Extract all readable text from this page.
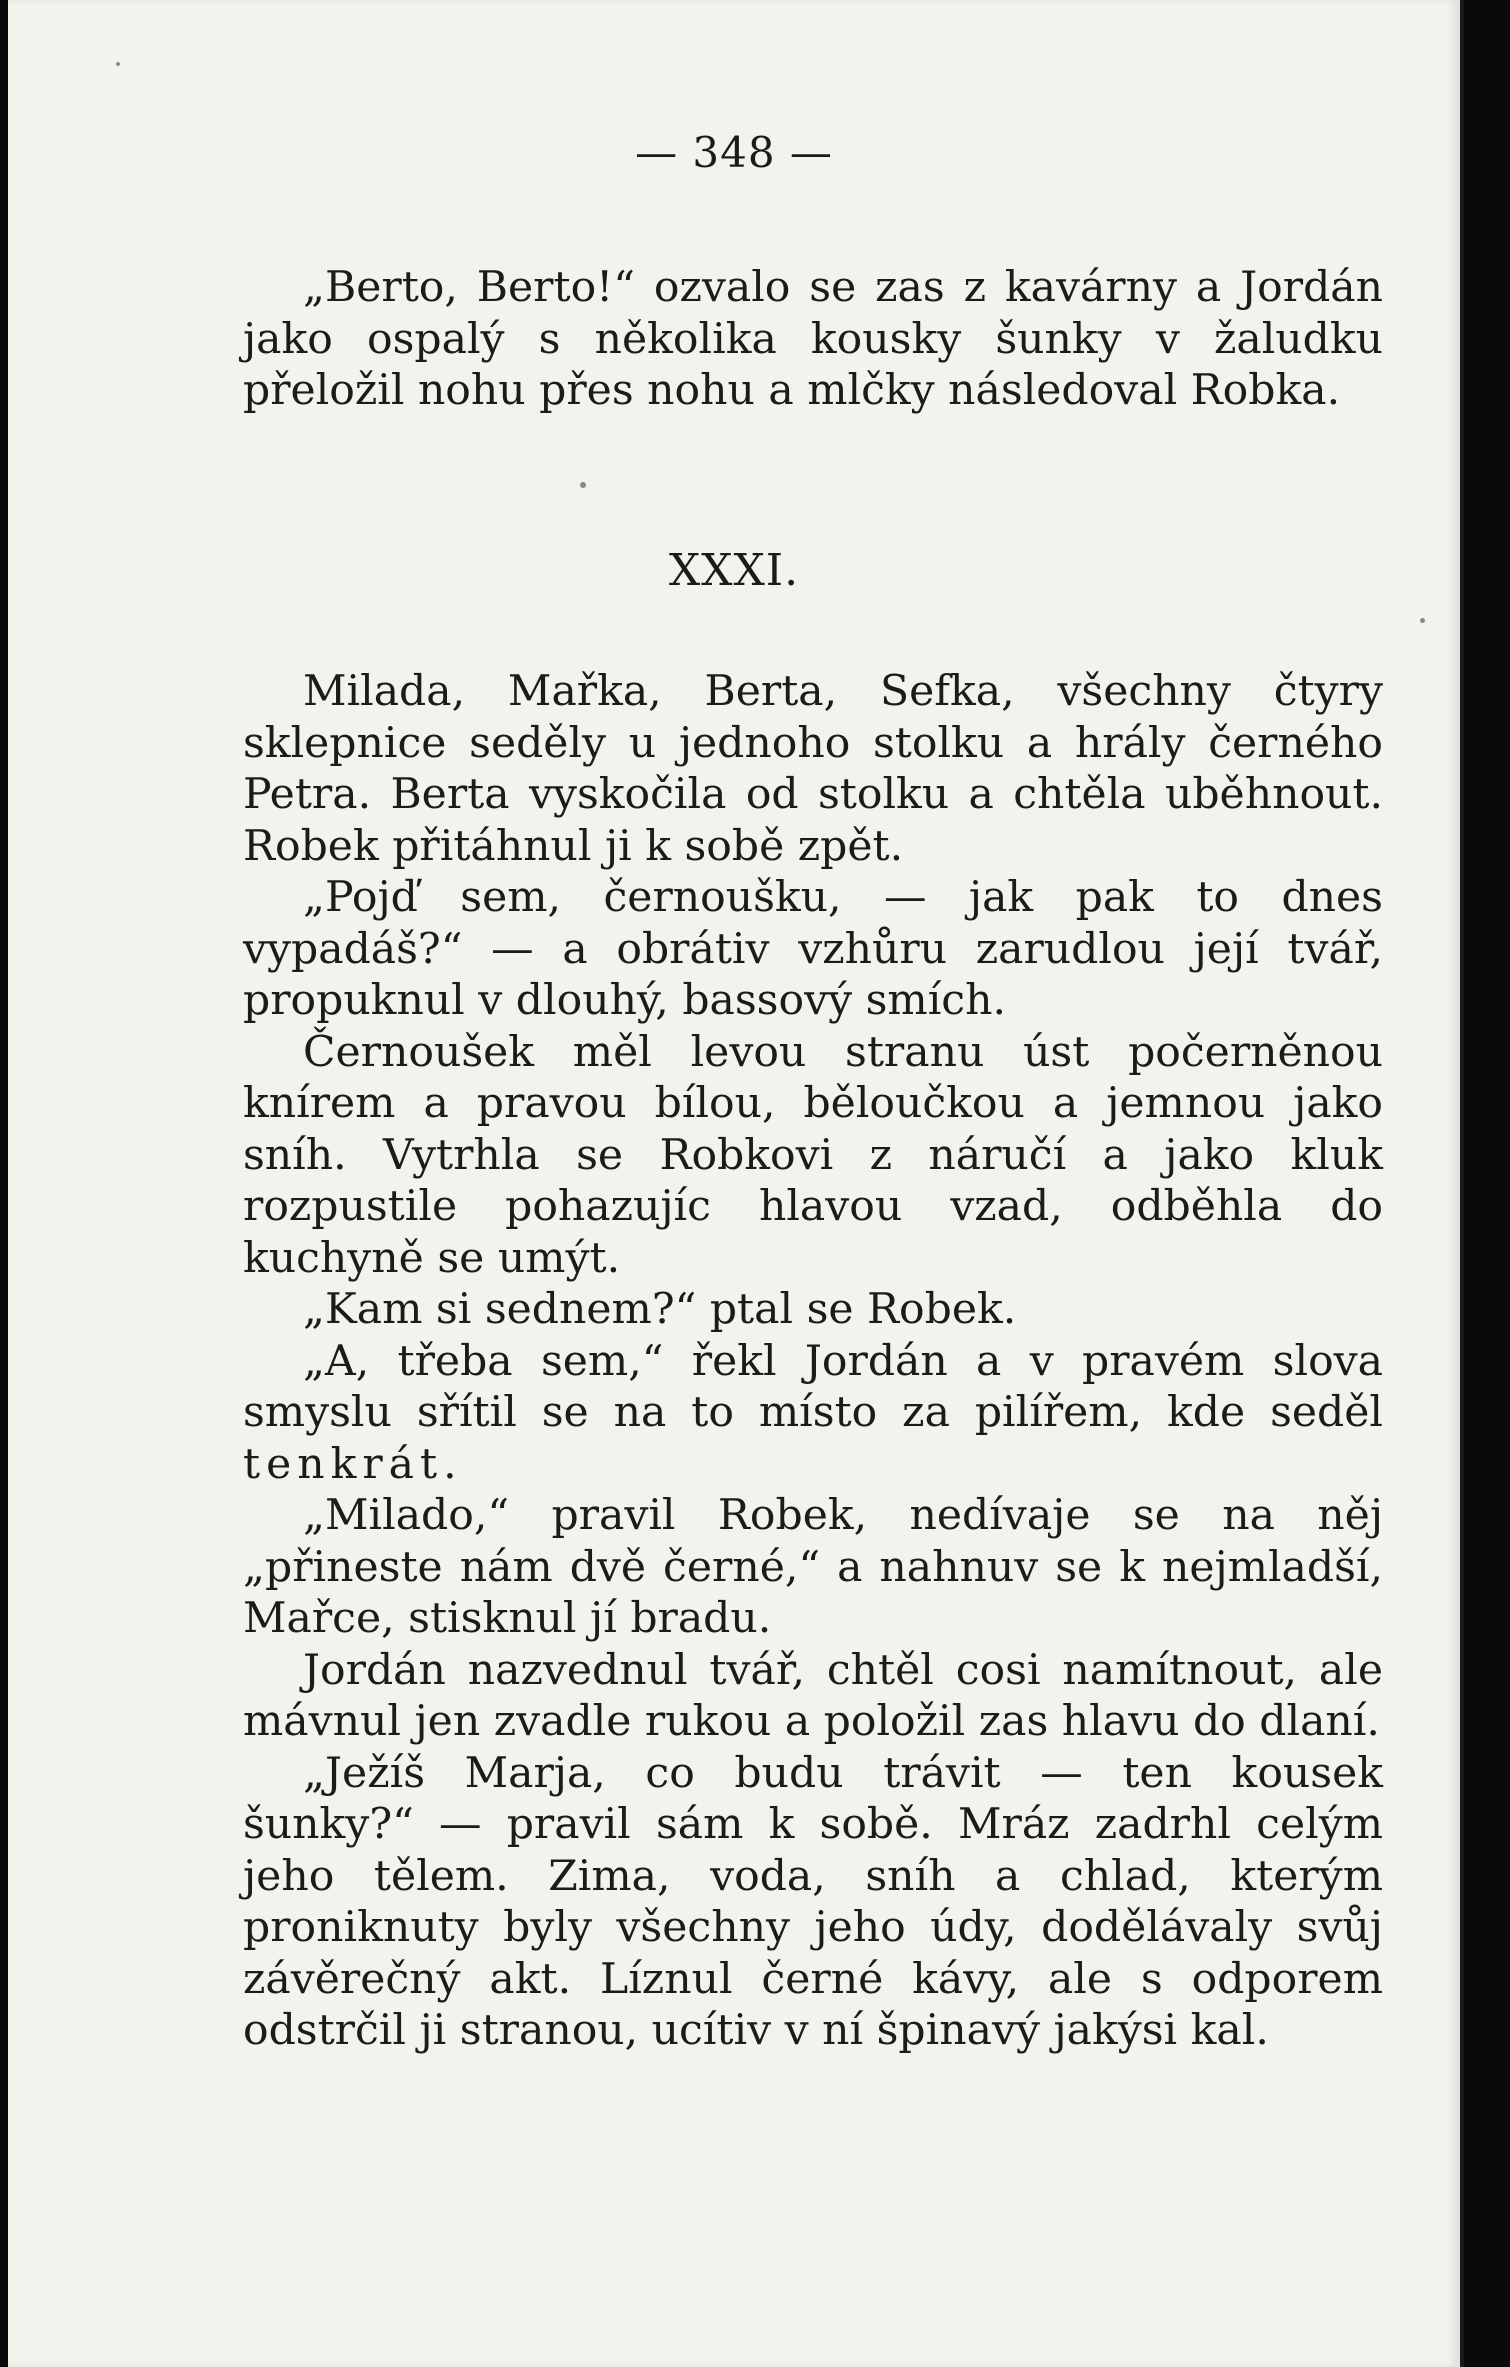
— 348 —

„Berto, Berto!“ ozvalo se zas z kavárny a Jordán jako ospalý s několika kousky šunky v žaludku přeložil nohu přes nohu a mlčky následoval Robka.

XXXI.

Milada, Mařka, Berta, Sefka, všechny čtyry sklepnice seděly u jednoho stolku a hrály černého Petra. Berta vyskočila od stolku a chtěla uběhnout. Robek přitáhnul ji k sobě zpět.

„Pojď sem, černoušku, — jak pak to dnes vypadáš?“ — a obrátiv vzhůru zarudlou její tvář, propuknul v dlouhý, bassový smích.

Černoušek měl levou stranu úst počerněnou knírem a pravou bílou, běloučkou a jemnou jako sníh. Vytrhla se Robkovi z náručí a jako kluk rozpustile pohazujíc hlavou vzad, odběhla do kuchyně se umýt.

„Kam si sednem?“ ptal se Robek.

„A, třeba sem,“ řekl Jordán a v pravém slova smyslu sřítil se na to místo za pilířem, kde seděl tenkrát.

„Milado,“ pravil Robek, nedívaje se na něj „přineste nám dvě černé,“ a nahnuv se k nejmladší, Mařce, stisknul jí bradu.

Jordán nazvednul tvář, chtěl cosi namítnout, ale mávnul jen zvadle rukou a položil zas hlavu do dlaní.

„Ježíš Marja, co budu trávit — ten kousek šunky?“ — pravil sám k sobě. Mráz zadrhl celým jeho tělem. Zima, voda, sníh a chlad, kterým proniknuty byly všechny jeho údy, dodělávaly svůj závěrečný akt. Líznul černé kávy, ale s odporem odstrčil ji stranou, ucítiv v ní špinavý jakýsi kal.
